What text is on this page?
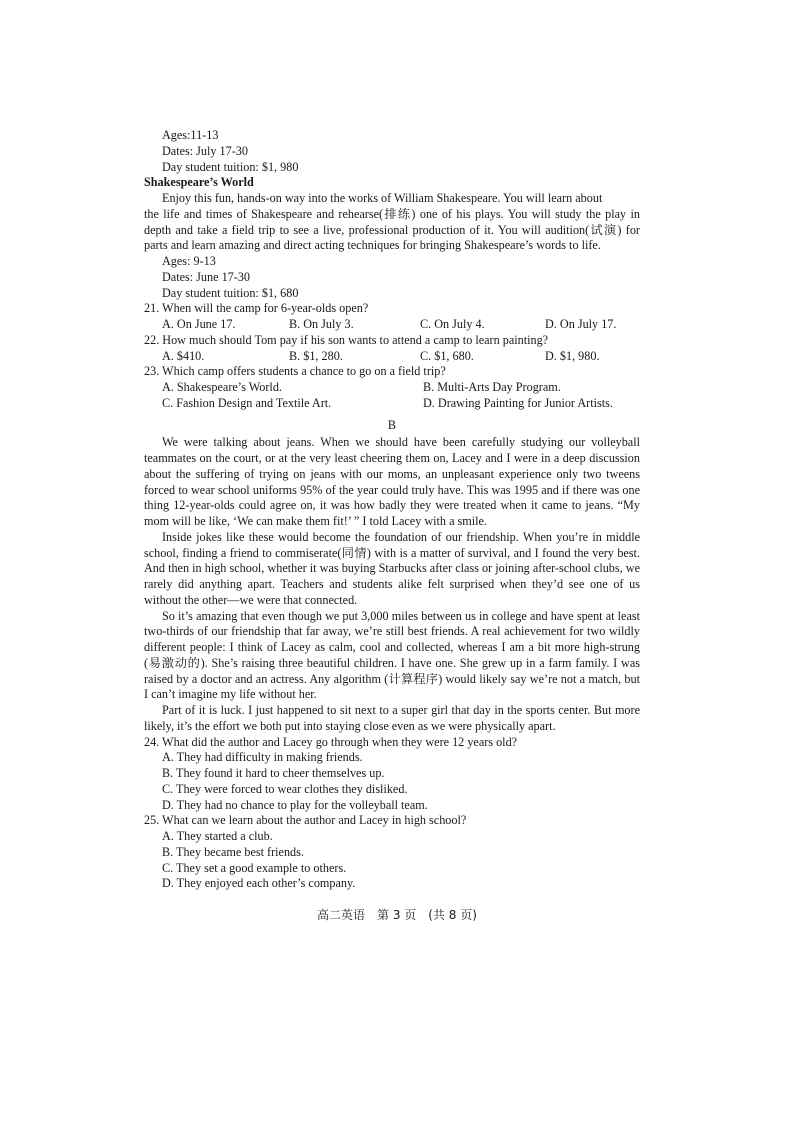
Ages:11-13
Dates: July 17-30
Day student tuition: $1, 980
Shakespeare’s World
Enjoy this fun, hands-on way into the works of William Shakespeare. You will learn about
the life and times of Shakespeare and rehearse(排练) one of his plays. You will study the play in
depth and take a field trip to see a live, professional production of it. You will audition(试演) for
parts and learn amazing and direct acting techniques for bringing Shakespeare’s words to life.
Ages: 9-13
Dates: June 17-30
Day student tuition: $1, 680
21. When will the camp for 6-year-olds open?
A. On June 17.	B. On July 3.	C. On July 4.	D. On July 17.
22. How much should Tom pay if his son wants to attend a camp to learn painting?
A. $410.	B. $1, 280.	C. $1, 680.	D. $1, 980.
23. Which camp offers students a chance to go on a field trip?
A. Shakespeare’s World.	B. Multi-Arts Day Program.
C. Fashion Design and Textile Art.	D. Drawing Painting for Junior Artists.
B
We were talking about jeans. When we should have been carefully studying our volleyball teammates on the court, or at the very least cheering them on, Lacey and I were in a deep discussion about the suffering of trying on jeans with our moms, an unpleasant experience only two tweens forced to wear school uniforms 95% of the year could truly have. This was 1995 and if there was one thing 12-year-olds could agree on, it was how badly they were treated when it came to jeans. “My mom will be like, ‘We can make them fit!’ ” I told Lacey with a smile.
Inside jokes like these would become the foundation of our friendship. When you’re in middle school, finding a friend to commiserate(同情) with is a matter of survival, and I found the very best. And then in high school, whether it was buying Starbucks after class or joining after-school clubs, we rarely did anything apart. Teachers and students alike felt surprised when they’d see one of us without the other—we were that connected.
So it’s amazing that even though we put 3,000 miles between us in college and have spent at least two-thirds of our friendship that far away, we’re still best friends. A real achievement for two wildly different people: I think of Lacey as calm, cool and collected, whereas I am a bit more high-strung (易激动的). She’s raising three beautiful children. I have one. She grew up in a farm family. I was raised by a doctor and an actress. Any algorithm (计算程序) would likely say we’re not a match, but I can’t imagine my life without her.
Part of it is luck. I just happened to sit next to a super girl that day in the sports center. But more likely, it’s the effort we both put into staying close even as we were physically apart.
24. What did the author and Lacey go through when they were 12 years old?
A. They had difficulty in making friends.
B. They found it hard to cheer themselves up.
C. They were forced to wear clothes they disliked.
D. They had no chance to play for the volleyball team.
25. What can we learn about the author and Lacey in high school?
A. They started a club.
B. They became best friends.
C. They set a good example to others.
D. They enjoyed each other’s company.
高二英语　第 3 页　(共 8 页)
